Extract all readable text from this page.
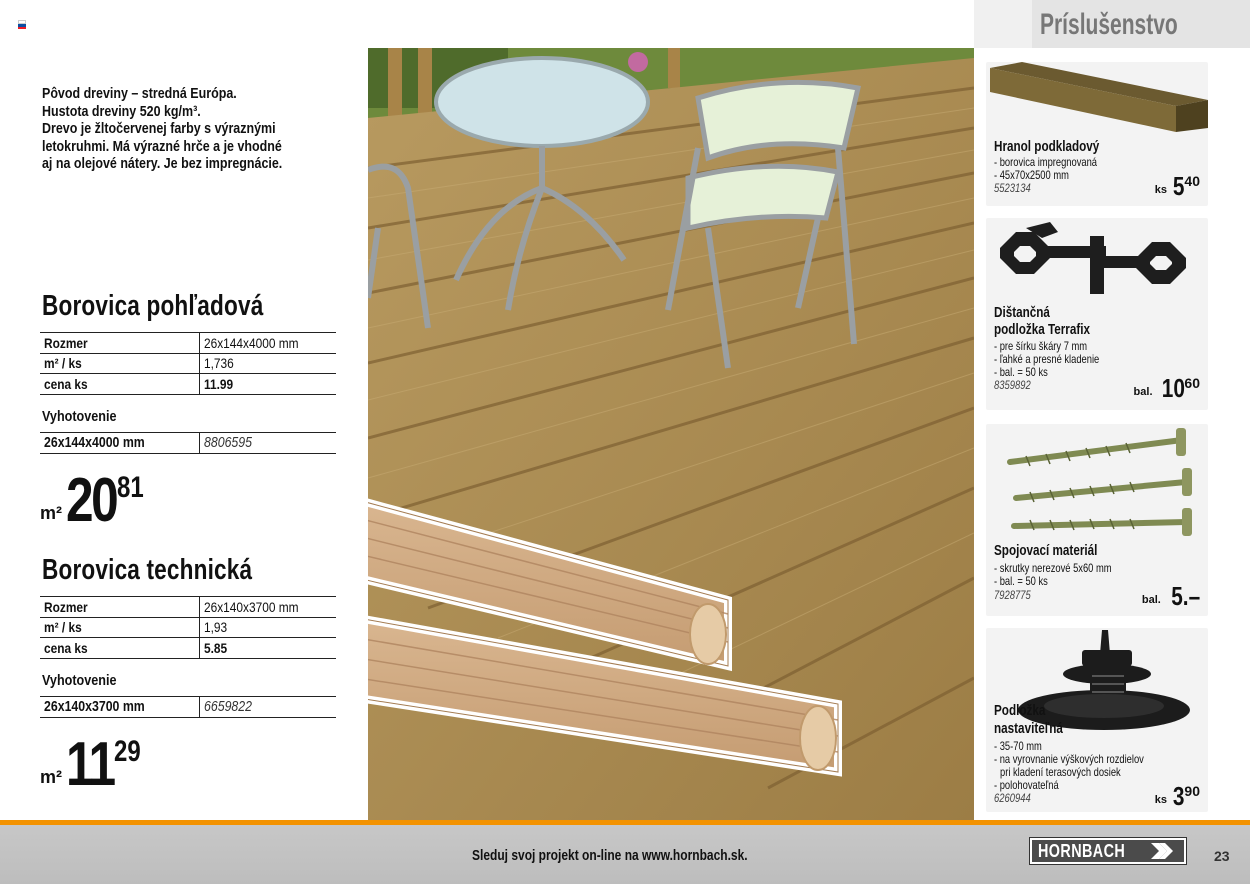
Pôvod dreviny – stredná Európa.
Hustota dreviny 520 kg/m³.
Drevo je žltočervenej farby s výraznými
letokruhmi. Má výrazné hrče a je vhodné
aj na olejové nátery. Je bez impregnácie.
Borovica pohľadová
Rozmer	26x144x4000 mm
m² / ks	1,736
cena ks	11.99
Vyhotovenie
26x144x4000 mm	8806595
m² 20 81
Borovica technická
Rozmer	26x140x3700 mm
m² / ks	1,93
cena ks	5.85
Vyhotovenie
26x140x3700 mm	6659822
m² 11 29
Príslušenstvo
Hranol podkladový
- borovica impregnovaná
- 45x70x2500 mm
5523134	ks 5 40
Dištančná
podložka Terrafix
- pre šírku škáry 7 mm
- ľahké a presné kladenie
- bal. = 50 ks
8359892	bal. 10 60
Spojovací materiál
- skrutky nerezové 5x60 mm
- bal. = 50 ks
7928775	bal. 5.–
Podložka
nastaviteľná
- 35-70 mm
- na vyrovnanie výškových rozdielov
pri kladení terasových dosiek
- polohovateľná
6260944	ks 3 90
Sleduj svoj projekt on-line na www.hornbach.sk.	HORNBACH	23
